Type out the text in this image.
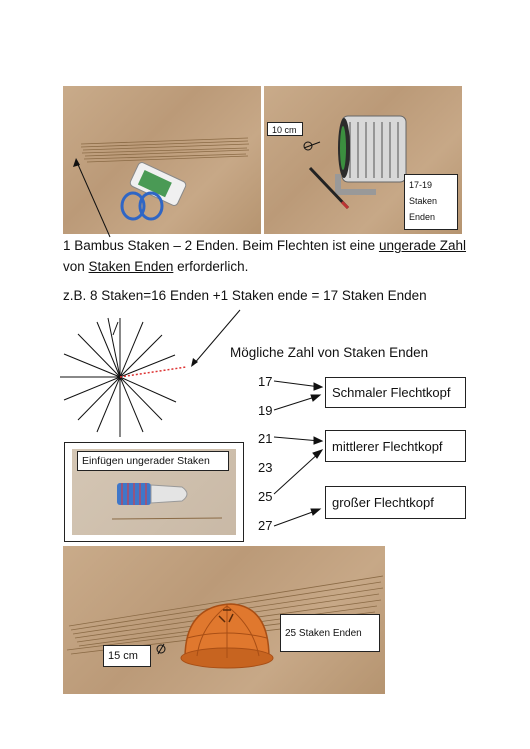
10 cm
17-19
Staken
Enden
1 Bambus Staken – 2 Enden. Beim Flechten ist eine ungerade Zahl
von Staken Enden erforderlich.
z.B. 8 Staken=16 Enden +1 Staken ende = 17 Staken Enden
Mögliche Zahl von Staken Enden
17
19
21
23
25
27
Schmaler Flechtkopf
mittlerer Flechtkopf
großer Flechtkopf
Einfügen ungerader Staken
15 cm
25 Staken Enden
